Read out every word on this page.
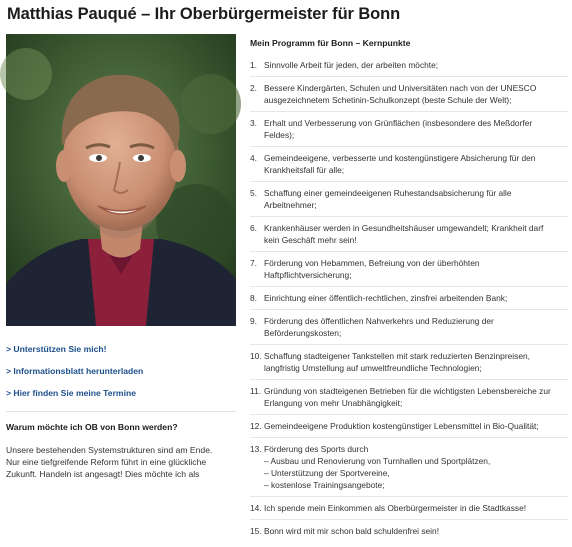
Matthias Pauqué – Ihr Oberbürgermeister für Bonn
> Unterstützen Sie mich!
> Informationsblatt herunterladen
> Hier finden Sie meine Termine
Warum möchte ich OB von Bonn werden?
Unsere bestehenden Systemstrukturen sind am Ende.
Nur eine tiefgreifende Reform führt in eine glückliche
Zukunft. Handeln ist angesagt! Dies möchte ich als
Mein Programm für Bonn – Kernpunkte
1. Sinnvolle Arbeit für jeden, der arbeiten möchte;
2. Bessere Kindergärten, Schulen und Universitäten nach von der UNESCO
ausgezeichnetem Schetinin-Schulkonzept (beste Schule der Welt);
3. Erhalt und Verbesserung von Grünflächen (insbesondere des Meßdorfer
Feldes);
4. Gemeindeeigene, verbesserte und kostengünstigere Absicherung für den
Krankheitsfall für alle;
5. Schaffung einer gemeindeeigenen Ruhestandsabsicherung für alle
Arbeitnehmer;
6. Krankenhäuser werden in Gesundheitshäuser umgewandelt; Krankheit darf
kein Geschäft mehr sein!
7. Förderung von Hebammen, Befreiung von der überhöhten
Haftpflichtversicherung;
8. Einrichtung einer öffentlich-rechtlichen, zinsfrei arbeitenden Bank;
9. Förderung des öffentlichen Nahverkehrs und Reduzierung der
Beförderungskosten;
10. Schaffung stadteigener Tankstellen mit stark reduzierten Benzinpreisen,
langfristig Umstellung auf umweltfreundliche Technologien;
11. Gründung von stadteigenen Betrieben für die wichtigsten Lebensbereiche zur
Erlangung von mehr Unabhängigkeit;
12. Gemeindeeigene Produktion kostengünstiger Lebensmittel in Bio-Qualität;
13. Förderung des Sports durch
– Ausbau und Renovierung von Turnhallen und Sportplätzen,
– Unterstützung der Sportvereine,
– kostenlose Trainingsangebote;
14. Ich spende mein Einkommen als Oberbürgermeister in die Stadtkasse!
15. Bonn wird mit mir schon bald schuldenfrei sein!
